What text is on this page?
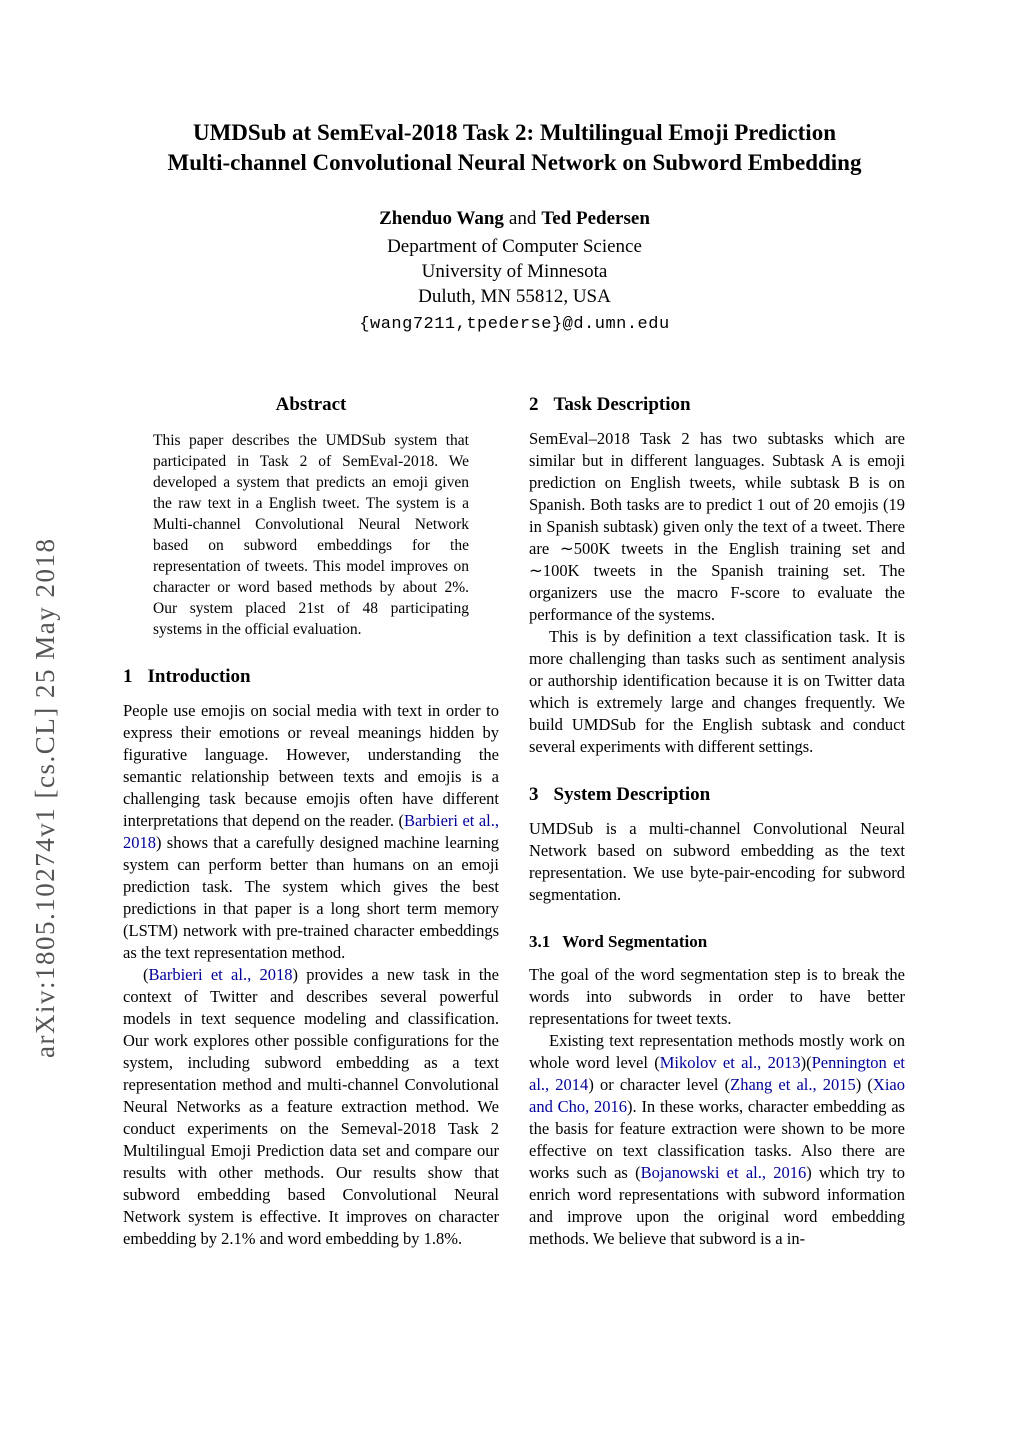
arXiv:1805.10274v1 [cs.CL] 25 May 2018
UMDSub at SemEval-2018 Task 2: Multilingual Emoji Prediction
Multi-channel Convolutional Neural Network on Subword Embedding
Zhenduo Wang and Ted Pedersen
Department of Computer Science
University of Minnesota
Duluth, MN 55812, USA
{wang7211,tpederse}@d.umn.edu
Abstract

This paper describes the UMDSub system that participated in Task 2 of SemEval-2018. We developed a system that predicts an emoji given the raw text in a English tweet. The system is a Multi-channel Convolutional Neural Network based on subword embeddings for the representation of tweets. This model improves on character or word based methods by about 2%. Our system placed 21st of 48 participating systems in the official evaluation.

1 Introduction

People use emojis on social media with text in order to express their emotions or reveal meanings hidden by figurative language. However, understanding the semantic relationship between texts and emojis is a challenging task because emojis often have different interpretations that depend on the reader. (Barbieri et al., 2018) shows that a carefully designed machine learning system can perform better than humans on an emoji prediction task. The system which gives the best predictions in that paper is a long short term memory (LSTM) network with pre-trained character embeddings as the text representation method.

(Barbieri et al., 2018) provides a new task in the context of Twitter and describes several powerful models in text sequence modeling and classification. Our work explores other possible configurations for the system, including subword embedding as a text representation method and multi-channel Convolutional Neural Networks as a feature extraction method. We conduct experiments on the Semeval-2018 Task 2 Multilingual Emoji Prediction data set and compare our results with other methods. Our results show that subword embedding based Convolutional Neural Network system is effective. It improves on character embedding by 2.1% and word embedding by 1.8%.

2 Task Description

SemEval–2018 Task 2 has two subtasks which are similar but in different languages. Subtask A is emoji prediction on English tweets, while subtask B is on Spanish. Both tasks are to predict 1 out of 20 emojis (19 in Spanish subtask) given only the text of a tweet. There are ∼500K tweets in the English training set and ∼100K tweets in the Spanish training set. The organizers use the macro F-score to evaluate the performance of the systems.

This is by definition a text classification task. It is more challenging than tasks such as sentiment analysis or authorship identification because it is on Twitter data which is extremely large and changes frequently. We build UMDSub for the English subtask and conduct several experiments with different settings.

3 System Description

UMDSub is a multi-channel Convolutional Neural Network based on subword embedding as the text representation. We use byte-pair-encoding for subword segmentation.

3.1 Word Segmentation

The goal of the word segmentation step is to break the words into subwords in order to have better representations for tweet texts.

Existing text representation methods mostly work on whole word level (Mikolov et al., 2013)(Pennington et al., 2014) or character level (Zhang et al., 2015) (Xiao and Cho, 2016). In these works, character embedding as the basis for feature extraction were shown to be more effective on text classification tasks. Also there are works such as (Bojanowski et al., 2016) which try to enrich word representations with subword information and improve upon the original word embedding methods. We believe that subword is a in-
